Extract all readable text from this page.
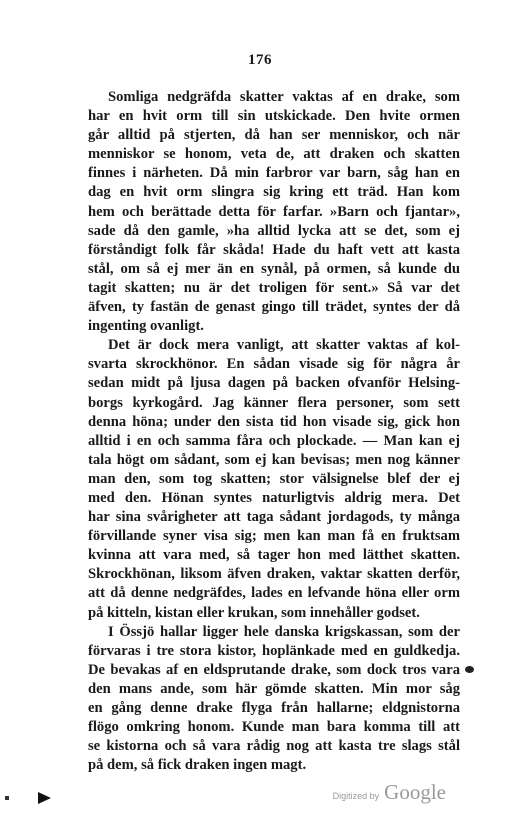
176
Somliga nedgräfda skatter vaktas af en drake, som
har en hvit orm till sin utskickade. Den hvite ormen
går alltid på stjerten, då han ser menniskor, och när
menniskor se honom, veta de, att draken och skatten
finnes i närheten. Då min farbror var barn, såg han en
dag en hvit orm slingra sig kring ett träd. Han kom
hem och berättade detta för farfar. »Barn och fjantar»,
sade då den gamle, »ha alltid lycka att se det, som ej
förståndigt folk får skåda! Hade du haft vett att kasta
stål, om så ej mer än en synål, på ormen, så kunde du
tagit skatten; nu är det troligen för sent.» Så var det
äfven, ty fastän de genast gingo till trädet, syntes der då
ingenting ovanligt.
Det är dock mera vanligt, att skatter vaktas af kol-
svarta skrockhönor. En sådan visade sig för några år
sedan midt på ljusa dagen på backen ofvanför Helsing-
borgs kyrkogård. Jag känner flera personer, som sett
denna höna; under den sista tid hon visade sig, gick hon
alltid i en och samma fåra och plockade. — Man kan ej
tala högt om sådant, som ej kan bevisas; men nog känner
man den, som tog skatten; stor välsignelse blef der ej
med den. Hönan syntes naturligtvis aldrig mera. Det
har sina svårigheter att taga sådant jordagods, ty många
förvillande syner visa sig; men kan man få en fruktsam
kvinna att vara med, så tager hon med lätthet skatten.
Skrockhönan, liksom äfven draken, vaktar skatten derför,
att då denne nedgräfdes, lades en lefvande höna eller orm
på kitteln, kistan eller krukan, som innehåller godset.
I Össjö hallar ligger hele danska krigskassan, som der
förvaras i tre stora kistor, hoplänkade med en guldkedja.
De bevakas af en eldsprutande drake, som dock tros vara
den mans ande, som här gömde skatten. Min mor såg
en gång denne drake flyga från hallarne; eldgnistorna
flögo omkring honom. Kunde man bara komma till att
se kistorna och så vara rådig nog att kasta tre slags stål
på dem, så fick draken ingen magt.
Digitized by Google
